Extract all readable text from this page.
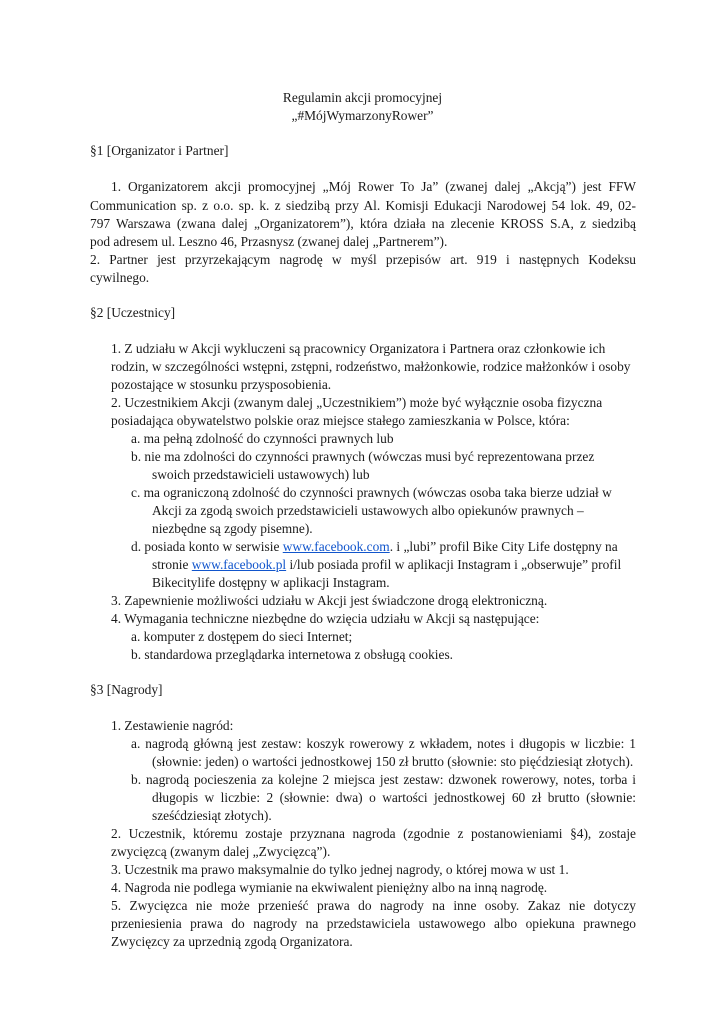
Regulamin akcji promocyjnej
„#MójWymarzonyRower”
§1 [Organizator i Partner]
1. Organizatorem akcji promocyjnej „Mój Rower To Ja” (zwanej dalej „Akcją”) jest FFW
Communication sp. z o.o. sp. k. z siedzibą przy Al. Komisji Edukacji Narodowej 54 lok. 49, 02-
797 Warszawa (zwana dalej „Organizatorem”), która działa na zlecenie KROSS S.A, z siedzibą
pod adresem ul. Leszno 46, Przasnysz (zwanej dalej „Partnerem”).
2. Partner jest przyrzekającym nagrodę w myśl przepisów art. 919 i następnych Kodeksu
cywilnego.
§2 [Uczestnicy]
1. Z udziału w Akcji wykluczeni są pracownicy Organizatora i Partnera oraz członkowie ich
rodzin, w szczególności wstępni, zstępni, rodzeństwo, małżonkowie, rodzice małżonków i osoby
pozostające w stosunku przysposobienia.
2. Uczestnikiem Akcji (zwanym dalej „Uczestnikiem”) może być wyłącznie osoba fizyczna
posiadająca obywatelstwo polskie oraz miejsce stałego zamieszkania w Polsce, która:
a. ma pełną zdolność do czynności prawnych lub
b. nie ma zdolności do czynności prawnych (wówczas musi być reprezentowana przez
swoich przedstawicieli ustawowych) lub
c. ma ograniczoną zdolność do czynności prawnych (wówczas osoba taka bierze udział w
Akcji za zgodą swoich przedstawicieli ustawowych albo opiekunów prawnych –
niezbędne są zgody pisemne).
d. posiada konto w serwisie www.facebook.com. i „lubi” profil Bike City Life dostępny na
stronie www.facebook.pl i/lub posiada profil w aplikacji Instagram i „obserwuje” profil
Bikecitylife dostępny w aplikacji Instagram.
3. Zapewnienie możliwości udziału w Akcji jest świadczone drogą elektroniczną.
4. Wymagania techniczne niezbędne do wzięcia udziału w Akcji są następujące:
a. komputer z dostępem do sieci Internet;
b. standardowa przeglądarka internetowa z obsługą cookies.
§3 [Nagrody]
1. Zestawienie nagród:
a. nagrodą główną jest zestaw: koszyk rowerowy z wkładem, notes i długopis w liczbie: 1
(słownie: jeden) o wartości jednostkowej 150 zł brutto (słownie: sto pięćdziesiąt złotych).
b. nagrodą pocieszenia za kolejne 2 miejsca jest zestaw: dzwonek rowerowy, notes, torba i
długopis w liczbie: 2 (słownie: dwa) o wartości jednostkowej 60 zł brutto (słownie:
sześćdziesiąt złotych).
2. Uczestnik, któremu zostaje przyznana nagroda (zgodnie z postanowieniami §4), zostaje
zwycięzcą (zwanym dalej „Zwycięzcą”).
3. Uczestnik ma prawo maksymalnie do tylko jednej nagrody, o której mowa w ust 1.
4. Nagroda nie podlega wymianie na ekwiwalent pieniężny albo na inną nagrodę.
5. Zwycięzca nie może przenieść prawa do nagrody na inne osoby. Zakaz nie dotyczy
przeniesienia prawa do nagrody na przedstawiciela ustawowego albo opiekuna prawnego
Zwycięzcy za uprzednią zgodą Organizatora.
